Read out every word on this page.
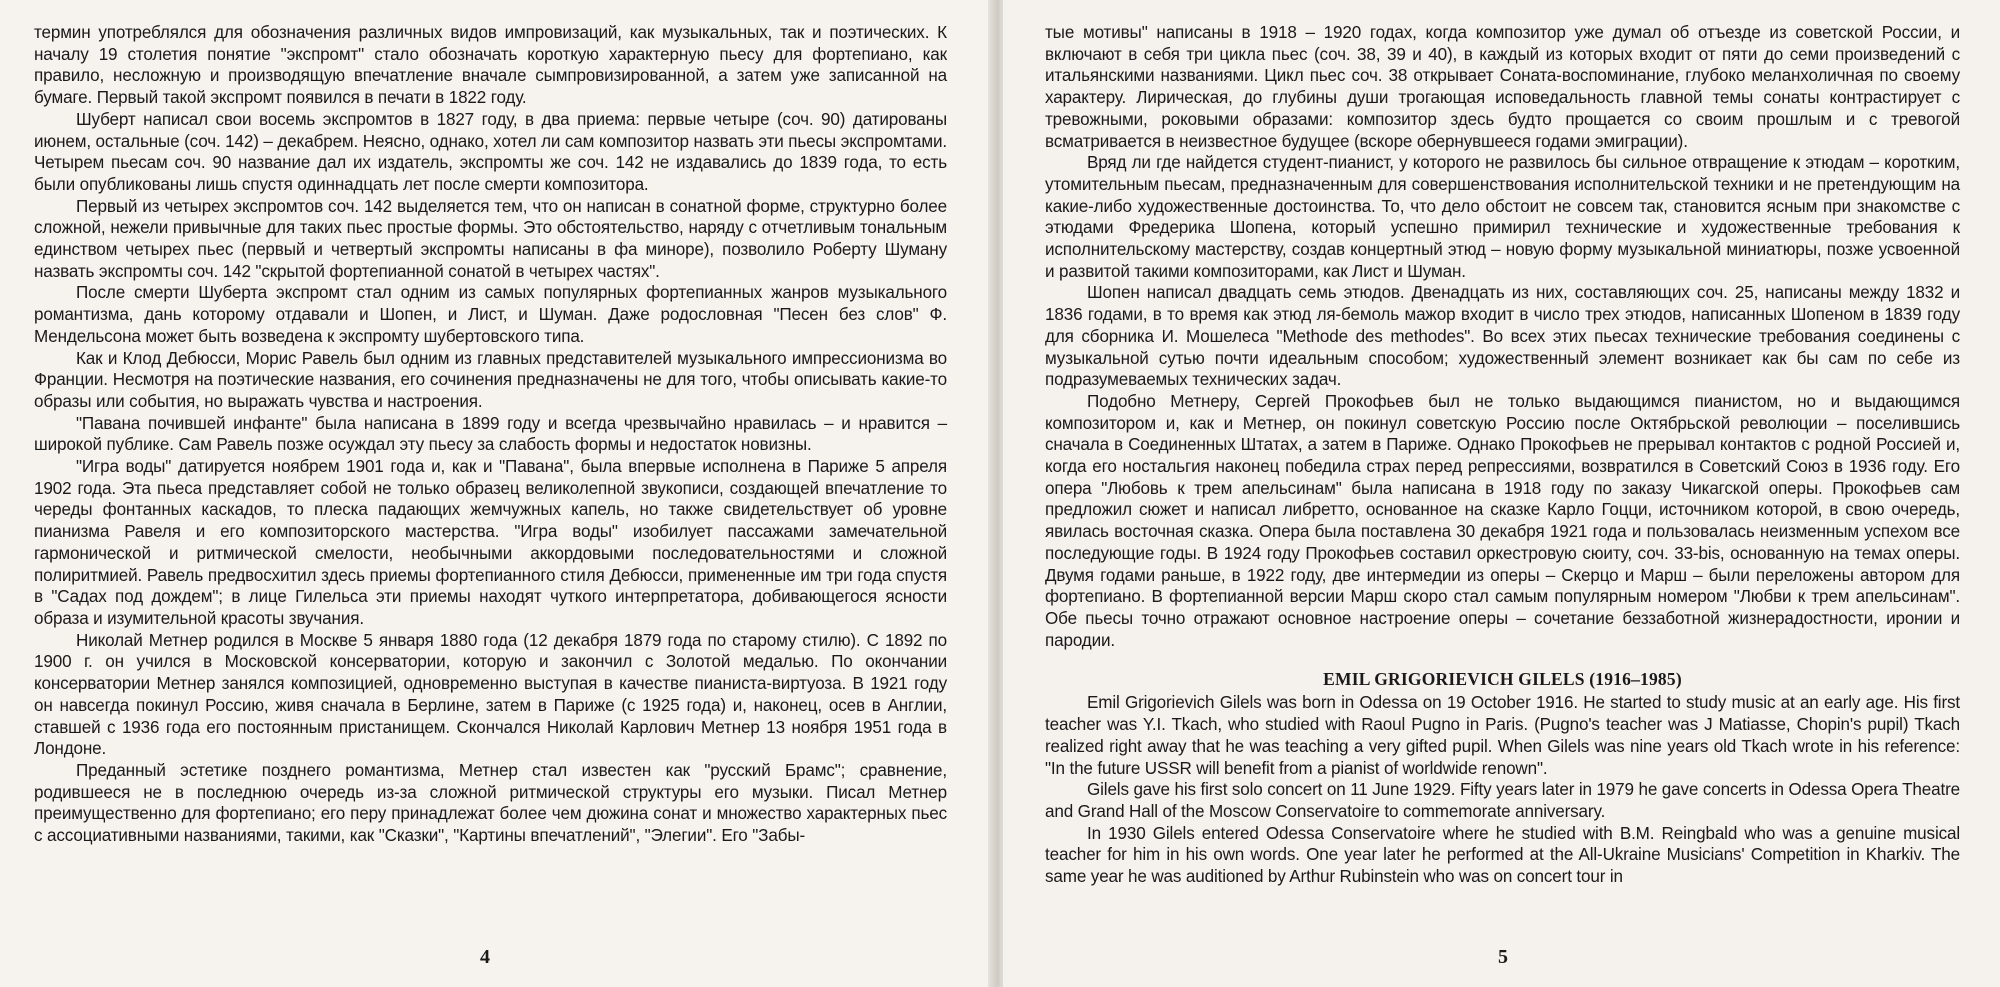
термин употреблялся для обозначения различных видов импровизаций, как музыкальных, так и поэтических. К началу 19 столетия понятие "экспромт" стало обозначать короткую характерную пьесу для фортепиано, как правило, несложную и производящую впечатление вначале сымпровизированной, а затем уже записанной на бумаге. Первый такой экспромт появился в печати в 1822 году.

Шуберт написал свои восемь экспромтов в 1827 году, в два приема: первые четыре (соч. 90) датированы июнем, остальные (соч. 142) – декабрем. Неясно, однако, хотел ли сам композитор назвать эти пьесы экспромтами. Четырем пьесам соч. 90 название дал их издатель, экспромты же соч. 142 не издавались до 1839 года, то есть были опубликованы лишь спустя одиннадцать лет после смерти композитора.

Первый из четырех экспромтов соч. 142 выделяется тем, что он написан в сонатной форме, структурно более сложной, нежели привычные для таких пьес простые формы. Это обстоятельство, наряду с отчетливым тональным единством четырех пьес (первый и четвертый экспромты написаны в фа миноре), позволило Роберту Шуману назвать экспромты соч. 142 "скрытой фортепианной сонатой в четырех частях".

После смерти Шуберта экспромт стал одним из самых популярных фортепианных жанров музыкального романтизма, дань которому отдавали и Шопен, и Лист, и Шуман. Даже родословная "Песен без слов" Ф. Мендельсона может быть возведена к экспромту шубертовского типа.

Как и Клод Дебюсси, Морис Равель был одним из главных представителей музыкального импрессионизма во Франции. Несмотря на поэтические названия, его сочинения предназначены не для того, чтобы описывать какие-то образы или события, но выражать чувства и настроения.

"Павана почившей инфанте" была написана в 1899 году и всегда чрезвычайно нравилась – и нравится – широкой публике. Сам Равель позже осуждал эту пьесу за слабость формы и недостаток новизны.

"Игра воды" датируется ноябрем 1901 года и, как и "Павана", была впервые исполнена в Париже 5 апреля 1902 года. Эта пьеса представляет собой не только образец великолепной звукописи, создающей впечатление то череды фонтанных каскадов, то плеска падающих жемчужных капель, но также свидетельствует об уровне пианизма Равеля и его композиторского мастерства. "Игра воды" изобилует пассажами замечательной гармонической и ритмической смелости, необычными аккордовыми последовательностями и сложной полиритмией. Равель предвосхитил здесь приемы фортепианного стиля Дебюсси, примененные им три года спустя в "Садах под дождем"; в лице Гилельса эти приемы находят чуткого интерпретатора, добивающегося ясности образа и изумительной красоты звучания.

Николай Метнер родился в Москве 5 января 1880 года (12 декабря 1879 года по старому стилю). С 1892 по 1900 г. он учился в Московской консерватории, которую и закончил с Золотой медалью. По окончании консерватории Метнер занялся композицией, одновременно выступая в качестве пианиста-виртуоза. В 1921 году он навсегда покинул Россию, живя сначала в Берлине, затем в Париже (с 1925 года) и, наконец, осев в Англии, ставшей с 1936 года его постоянным пристанищем. Скончался Николай Карлович Метнер 13 ноября 1951 года в Лондоне.

Преданный эстетике позднего романтизма, Метнер стал известен как "русский Брамс"; сравнение, родившееся не в последнюю очередь из-за сложной ритмической структуры его музыки. Писал Метнер преимущественно для фортепиано; его перу принадлежат более чем дюжина сонат и множество характерных пьес с ассоциативными названиями, такими, как "Сказки", "Картины впечатлений", "Элегии". Его "Забы-

4

тые мотивы" написаны в 1918 – 1920 годах, когда композитор уже думал об отъезде из советской России, и включают в себя три цикла пьес (соч. 38, 39 и 40), в каждый из которых входит от пяти до семи произведений с итальянскими названиями. Цикл пьес соч. 38 открывает Соната-воспоминание, глубоко меланхоличная по своему характеру. Лирическая, до глубины души трогающая исповедальность главной темы сонаты контрастирует с тревожными, роковыми образами: композитор здесь будто прощается со своим прошлым и с тревогой всматривается в неизвестное будущее (вскоре обернувшееся годами эмиграции).

Вряд ли где найдется студент-пианист, у которого не развилось бы сильное отвращение к этюдам – коротким, утомительным пьесам, предназначенным для совершенствования исполнительской техники и не претендующим на какие-либо художественные достоинства. То, что дело обстоит не совсем так, становится ясным при знакомстве с этюдами Фредерика Шопена, который успешно примирил технические и художественные требования к исполнительскому мастерству, создав концертный этюд – новую форму музыкальной миниатюры, позже усвоенной и развитой такими композиторами, как Лист и Шуман.

Шопен написал двадцать семь этюдов. Двенадцать из них, составляющих соч. 25, написаны между 1832 и 1836 годами, в то время как этюд ля-бемоль мажор входит в число трех этюдов, написанных Шопеном в 1839 году для сборника И. Мошелеса "Methode des methodes". Во всех этих пьесах технические требования соединены с музыкальной сутью почти идеальным способом; художественный элемент возникает как бы сам по себе из подразумеваемых технических задач.

Подобно Метнеру, Сергей Прокофьев был не только выдающимся пианистом, но и выдающимся композитором и, как и Метнер, он покинул советскую Россию после Октябрьской революции – поселившись сначала в Соединенных Штатах, а затем в Париже. Однако Прокофьев не прерывал контактов с родной Россией и, когда его ностальгия наконец победила страх перед репрессиями, возвратился в Советский Союз в 1936 году. Его опера "Любовь к трем апельсинам" была написана в 1918 году по заказу Чикагской оперы. Прокофьев сам предложил сюжет и написал либретто, основанное на сказке Карло Гоцци, источником которой, в свою очередь, явилась восточная сказка. Опера была поставлена 30 декабря 1921 года и пользовалась неизменным успехом все последующие годы. В 1924 году Прокофьев составил оркестровую сюиту, соч. 33-bis, основанную на темах оперы. Двумя годами раньше, в 1922 году, две интермедии из оперы – Скерцо и Марш – были переложены автором для фортепиано. В фортепианной версии Марш скоро стал самым популярным номером "Любви к трем апельсинам". Обе пьесы точно отражают основное настроение оперы – сочетание беззаботной жизнерадостности, иронии и пародии.

EMIL GRIGORIEVICH GILELS (1916–1985)

Emil Grigorievich Gilels was born in Odessa on 19 October 1916. He started to study music at an early age. His first teacher was Y.I. Tkach, who studied with Raoul Pugno in Paris. (Pugno's teacher was J Matiasse, Chopin's pupil) Tkach realized right away that he was teaching a very gifted pupil. When Gilels was nine years old Tkach wrote in his reference: "In the future USSR will benefit from a pianist of worldwide renown".

Gilels gave his first solo concert on 11 June 1929. Fifty years later in 1979 he gave concerts in Odessa Opera Theatre and Grand Hall of the Moscow Conservatoire to commemorate anniversary.

In 1930 Gilels entered Odessa Conservatoire where he studied with B.M. Reingbald who was a genuine musical teacher for him in his own words. One year later he performed at the All-Ukraine Musicians' Competition in Kharkiv. The same year he was auditioned by Arthur Rubinstein who was on concert tour in

5
